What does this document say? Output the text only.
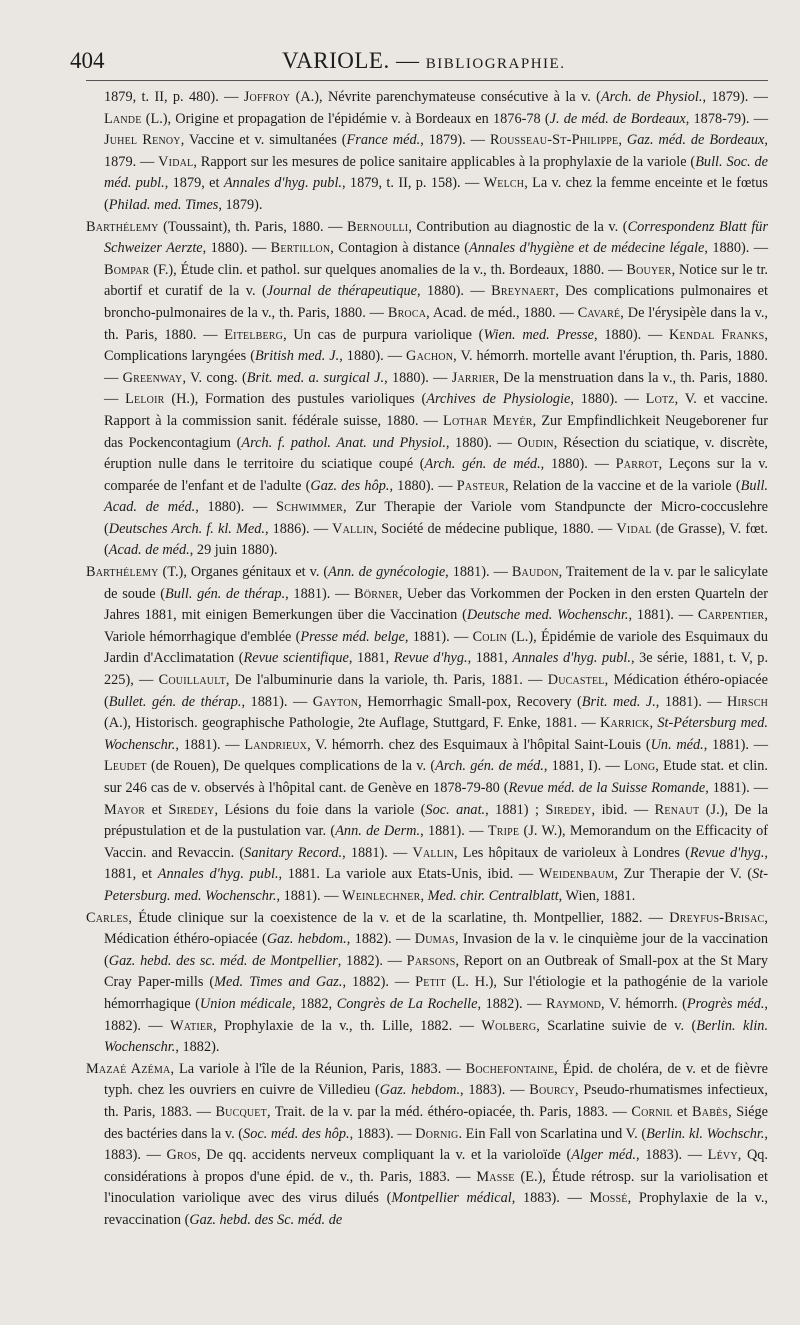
404	VARIOLE. — BIBLIOGRAPHIE.

1879, t. II, p. 480). — Joffroy (A.), Névrite parenchymateuse consécutive à la v. (Arch. de Physiol., 1879). — Lande (L.), Origine et propagation de l'épidémie v. à Bordeaux en 1876-78 (J. de méd. de Bordeaux, 1878-79). — Juhel Renoy, Vaccine et v. simultanées (France méd., 1879). — Rousseau-St-Philippe, Gaz. méd. de Bordeaux, 1879. — Vidal, Rapport sur les mesures de police sanitaire applicables à la prophylaxie de la variole (Bull. Soc. de méd. publ., 1879, et Annales d'hyg. publ., 1879, t. II, p. 158). — Welch, La v. chez la femme enceinte et le fœtus (Philad. med. Times, 1879).

Barthélemy (Toussaint), th. Paris, 1880. — Bernoulli, Contribution au diagnostic de la v. (Correspondenz Blatt für Schweizer Aerzte, 1880). — Bertillon, Contagion à distance (Annales d'hygiène et de médecine légale, 1880). — Bompar (F.), Étude clin. et pathol. sur quelques anomalies de la v., th. Bordeaux, 1880. — Bouyer, Notice sur le tr. abortif et curatif de la v. (Journal de thérapeutique, 1880). — Breynaert, Des complications pulmonaires et broncho-pulmonaires de la v., th. Paris, 1880. — Broca, Acad. de méd., 1880. — Cavaré, De l'érysipèle dans la v., th. Paris, 1880. — Eitelberg, Un cas de purpura variolique (Wien. med. Presse, 1880). — Kendal Franks, Complications laryngées (British med. J., 1880). — Gachon, V. hémorrh. mortelle avant l'éruption, th. Paris, 1880. — Greenway, V. cong. (Brit. med. a. surgical J., 1880). — Jarrier, De la menstruation dans la v., th. Paris, 1880. — Leloir (H.), Formation des pustules varioliques (Archives de Physiologie, 1880). — Lotz, V. et vaccine. Rapport à la commission sanit. fédérale suisse, 1880. — Lothar Meyér, Zur Empfindlichkeit Neugeborener fur das Pockencontagium (Arch. f. pathol. Anat. und Physiol., 1880). — Oudin, Résection du sciatique, v. discrète, éruption nulle dans le territoire du sciatique coupé (Arch. gén. de méd., 1880). — Parrot, Leçons sur la v. comparée de l'enfant et de l'adulte (Gaz. des hôp., 1880). — Pasteur, Relation de la vaccine et de la variole (Bull. Acad. de méd., 1880). — Schwimmer, Zur Therapie der Variole vom Standpuncte der Micro-coccuslehre (Deutsches Arch. f. kl. Med., 1886). — Vallin, Société de médecine publique, 1880. — Vidal (de Grasse), V. fœt. (Acad. de méd., 29 juin 1880).

Barthélemy (T.), Organes génitaux et v. (Ann. de gynécologie, 1881). — Baudon, Traitement de la v. par le salicylate de soude (Bull. gén. de thérap., 1881). — Börner, Ueber das Vorkommen der Pocken in den ersten Quarteln der Jahres 1881, mit einigen Bemerkungen über die Vaccination (Deutsche med. Wochenschr., 1881). — Carpentier, Variole hémorrhagique d'emblée (Presse méd. belge, 1881). — Colin (L.), Épidémie de variole des Esquimaux du Jardin d'Acclimatation (Revue scientifique, 1881, Revue d'hyg., 1881, Annales d'hyg. publ., 3e série, 1881, t. V, p. 225), — Couillault, De l'albuminurie dans la variole, th. Paris, 1881. — Ducastel, Médication éthéro-opiacée (Bullet. gén. de thérap., 1881). — Gayton, Hemorrhagic Small-pox, Recovery (Brit. med. J., 1881). — Hirsch (A.), Historisch. geographische Pathologie, 2te Auflage, Stuttgard, F. Enke, 1881. — Karrick, St-Pétersburg med. Wochenschr., 1881). — Landrieux, V. hémorrh. chez des Esquimaux à l'hôpital Saint-Louis (Un. méd., 1881). — Leudet (de Rouen), De quelques complications de la v. (Arch. gén. de méd., 1881, I). — Long, Etude stat. et clin. sur 246 cas de v. observés à l'hôpital cant. de Genève en 1878-79-80 (Revue méd. de la Suisse Romande, 1881). — Mayor et Siredey, Lésions du foie dans la variole (Soc. anat., 1881) ; Siredey, ibid. — Renaut (J.), De la prépustulation et de la pustulation var. (Ann. de Derm., 1881). — Tripe (J. W.), Memorandum on the Efficacity of Vaccin. and Revaccin. (Sanitary Record., 1881). — Vallin, Les hôpitaux de varioleux à Londres (Revue d'hyg., 1881, et Annales d'hyg. publ., 1881. La variole aux Etats-Unis, ibid. — Weidenbaum, Zur Therapie der V. (St-Petersburg. med. Wochenschr., 1881). — Weinlechner, Med. chir. Centralblatt, Wien, 1881.

Carles, Étude clinique sur la coexistence de la v. et de la scarlatine, th. Montpellier, 1882. — Dreyfus-Brisac, Médication éthéro-opiacée (Gaz. hebdom., 1882). — Dumas, Invasion de la v. le cinquième jour de la vaccination (Gaz. hebd. des sc. méd. de Montpellier, 1882). — Parsons, Report on an Outbreak of Small-pox at the St Mary Cray Paper-mills (Med. Times and Gaz., 1882). — Petit (L. H.), Sur l'étiologie et la pathogénie de la variole hémorrhagique (Union médicale, 1882, Congrès de La Rochelle, 1882). — Raymond, V. hémorrh. (Progrès méd., 1882). — Watier, Prophylaxie de la v., th. Lille, 1882. — Wolberg, Scarlatine suivie de v. (Berlin. klin. Wochenschr., 1882).

Mazaé Azéma, La variole à l'île de la Réunion, Paris, 1883. — Bochefontaine, Épid. de choléra, de v. et de fièvre typh. chez les ouvriers en cuivre de Villedieu (Gaz. hebdom., 1883). — Bourcy, Pseudo-rhumatismes infectieux, th. Paris, 1883. — Bucquet, Trait. de la v. par la méd. éthéro-opiacée, th. Paris, 1883. — Cornil et Babès, Siége des bactéries dans la v. (Soc. méd. des hôp., 1883). — Dornig. Ein Fall von Scarlatina und V. (Berlin. kl. Wochschr., 1883). — Gros, De qq. accidents nerveux compliquant la v. et la varioloïde (Alger méd., 1883). — Lévy, Qq. considérations à propos d'une épid. de v., th. Paris, 1883. — Masse (E.), Étude rétrosp. sur la variolisation et l'inoculation variolique avec des virus dilués (Montpellier médical, 1883). — Mossé, Prophylaxie de la v., revaccination (Gaz. hebd. des Sc. méd. de
